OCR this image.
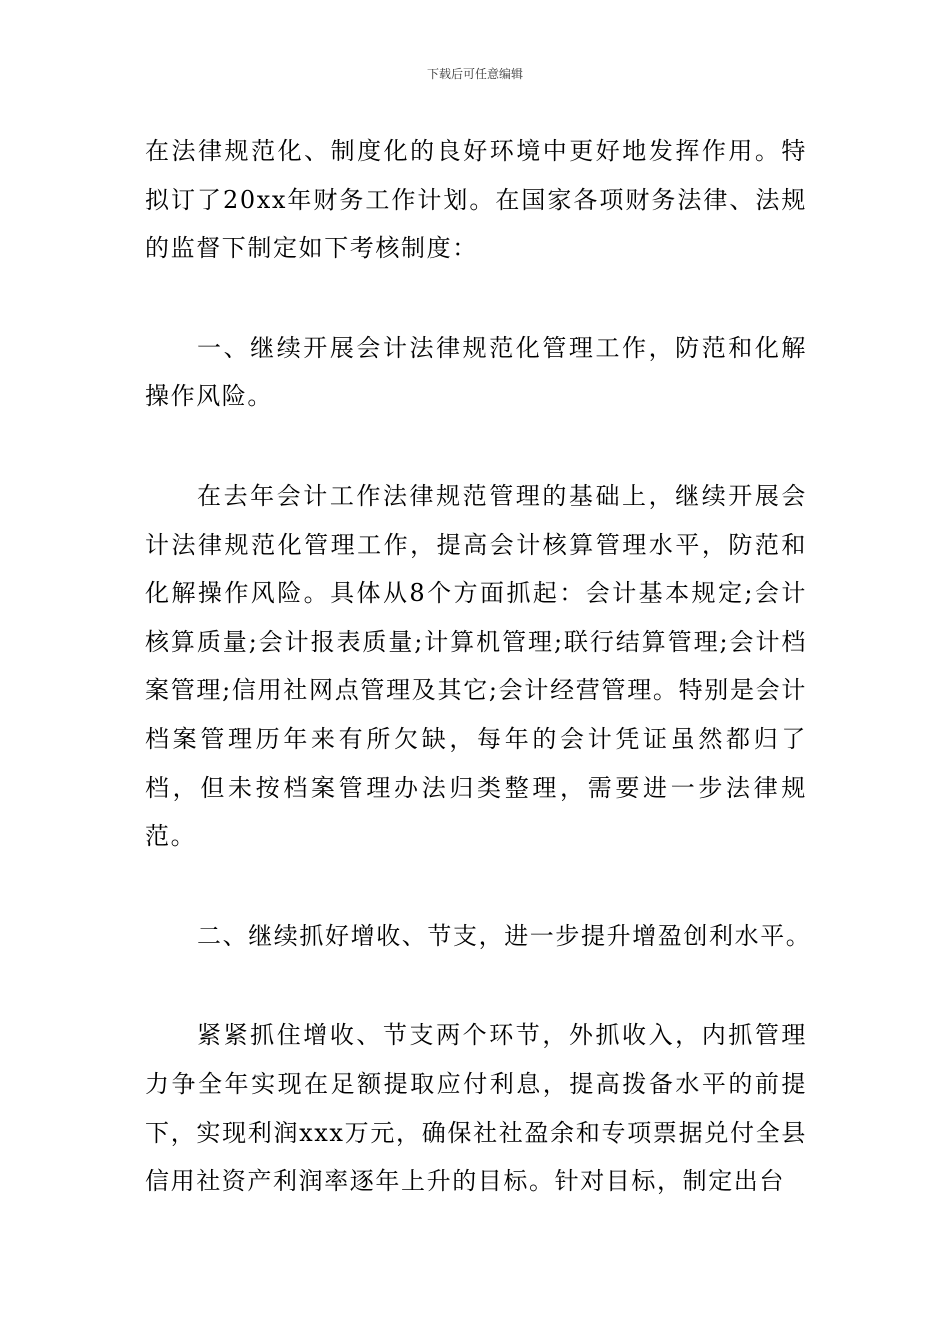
下载后可任意编辑

在法律规范化、制度化的良好环境中更好地发挥作用。特拟订了20xx年财务工作计划。在国家各项财务法律、法规的监督下制定如下考核制度：

一、继续开展会计法律规范化管理工作，防范和化解操作风险。

在去年会计工作法律规范管理的基础上，继续开展会计法律规范化管理工作，提高会计核算管理水平，防范和化解操作风险。具体从8个方面抓起：会计基本规定;会计核算质量;会计报表质量;计算机管理;联行结算管理;会计档案管理;信用社网点管理及其它;会计经营管理。特别是会计档案管理历年来有所欠缺，每年的会计凭证虽然都归了档，但未按档案管理办法归类整理，需要进一步法律规范。

二、继续抓好增收、节支，进一步提升增盈创利水平。

紧紧抓住增收、节支两个环节，外抓收入，内抓管理力争全年实现在足额提取应付利息，提高拨备水平的前提下，实现利润xxx万元，确保社社盈余和专项票据兑付全县信用社资产利润率逐年上升的目标。针对目标，制定出台
